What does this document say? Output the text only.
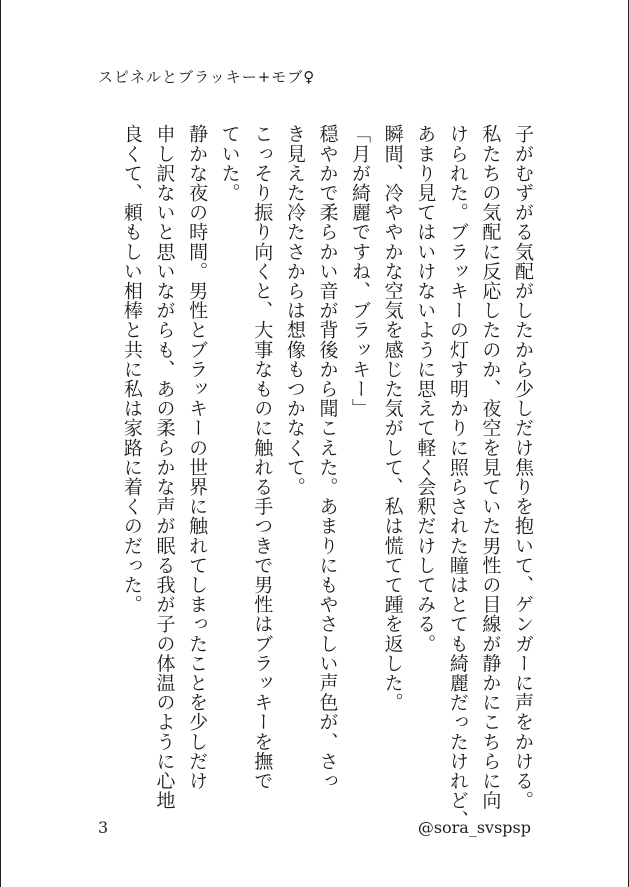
スピネルとブラッキー+モブ♀
子がむずがる気配がしたから少しだけ焦りを抱いて、ゲンガーに声をかける。
私たちの気配に反応したのか、夜空を見ていた男性の目線が静かにこちらに向
けられた。ブラッキーの灯す明かりに照らされた瞳はとても綺麗だったけれど、
あまり見てはいけないように思えて軽く会釈だけしてみる。
瞬間、冷ややかな空気を感じた気がして、私は慌てて踵を返した。
「月が綺麗ですね、ブラッキー」
穏やかで柔らかい音が背後から聞こえた。あまりにもやさしい声色が、さっ
き見えた冷たさからは想像もつかなくて。
こっそり振り向くと、大事なものに触れる手つきで男性はブラッキーを撫で
ていた。
静かな夜の時間。男性とブラッキーの世界に触れてしまったことを少しだけ
申し訳ないと思いながらも、あの柔らかな声が眠る我が子の体温のように心地
良くて、頼もしい相棒と共に私は家路に着くのだった。
3	@sora_svspsp
